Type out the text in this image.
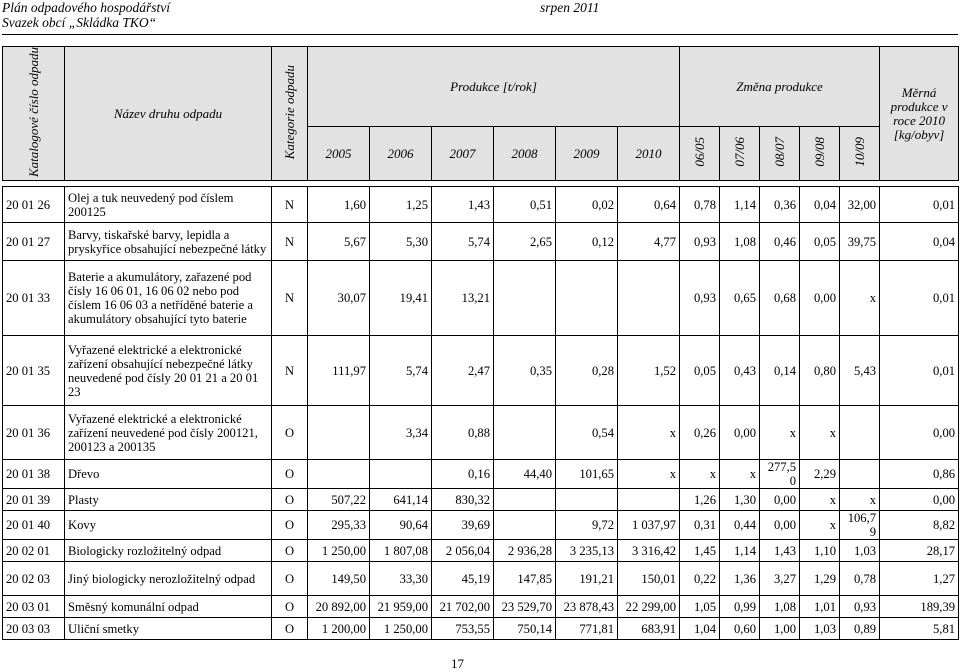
Plán odpadového hospodářství
Svazek obcí „Skládka TKO“
srpen 2011
Katalogové číslo odpadu	Název druhu odpadu	Kategorie odpadu	Produkce [t/rok]						Změna produkce					Měrná produkce v roce 2010 [kg/obyv]
			2005	2006	2007	2008	2009	2010	06/05	07/06	08/07	09/08	10/09	

20 01 26	Olej a tuk neuvedený pod číslem 200125	N	1,60	1,25	1,43	0,51	0,02	0,64	0,78	1,14	0,36	0,04	32,00	0,01
20 01 27	Barvy, tiskařské barvy, lepidla a pryskyřice obsahující nebezpečné látky	N	5,67	5,30	5,74	2,65	0,12	4,77	0,93	1,08	0,46	0,05	39,75	0,04
20 01 33	Baterie a akumulátory, zařazené pod čísly 16 06 01, 16 06 02 nebo pod číslem 16 06 03 a netříděné baterie a akumulátory obsahující tyto baterie	N	30,07	19,41	13,21				0,93	0,65	0,68	0,00	x	0,01
20 01 35	Vyřazené elektrické a elektronické zařízení obsahující nebezpečné látky neuvedené pod čísly 20 01 21 a 20 01 23	N	111,97	5,74	2,47	0,35	0,28	1,52	0,05	0,43	0,14	0,80	5,43	0,01
20 01 36	Vyřazené elektrické a elektronické zařízení neuvedené pod čísly 200121, 200123 a 200135	O		3,34	0,88		0,54	x	0,26	0,00	x	x		0,00
20 01 38	Dřevo	O			0,16	44,40	101,65	x	x	x	277,5 0	2,29		0,86
20 01 39	Plasty	O	507,22	641,14	830,32				1,26	1,30	0,00	x	x	0,00
20 01 40	Kovy	O	295,33	90,64	39,69		9,72	1 037,97	0,31	0,44	0,00	x	106,7 9	8,82
20 02 01	Biologicky rozložitelný odpad	O	1 250,00	1 807,08	2 056,04	2 936,28	3 235,13	3 316,42	1,45	1,14	1,43	1,10	1,03	28,17
20 02 03	Jiný biologicky nerozložitelný odpad	O	149,50	33,30	45,19	147,85	191,21	150,01	0,22	1,36	3,27	1,29	0,78	1,27
20 03 01	Směsný komunální odpad	O	20 892,00	21 959,00	21 702,00	23 529,70	23 878,43	22 299,00	1,05	0,99	1,08	1,01	0,93	189,39
20 03 03	Uliční smetky	O	1 200,00	1 250,00	753,55	750,14	771,81	683,91	1,04	0,60	1,00	1,03	0,89	5,81
17
